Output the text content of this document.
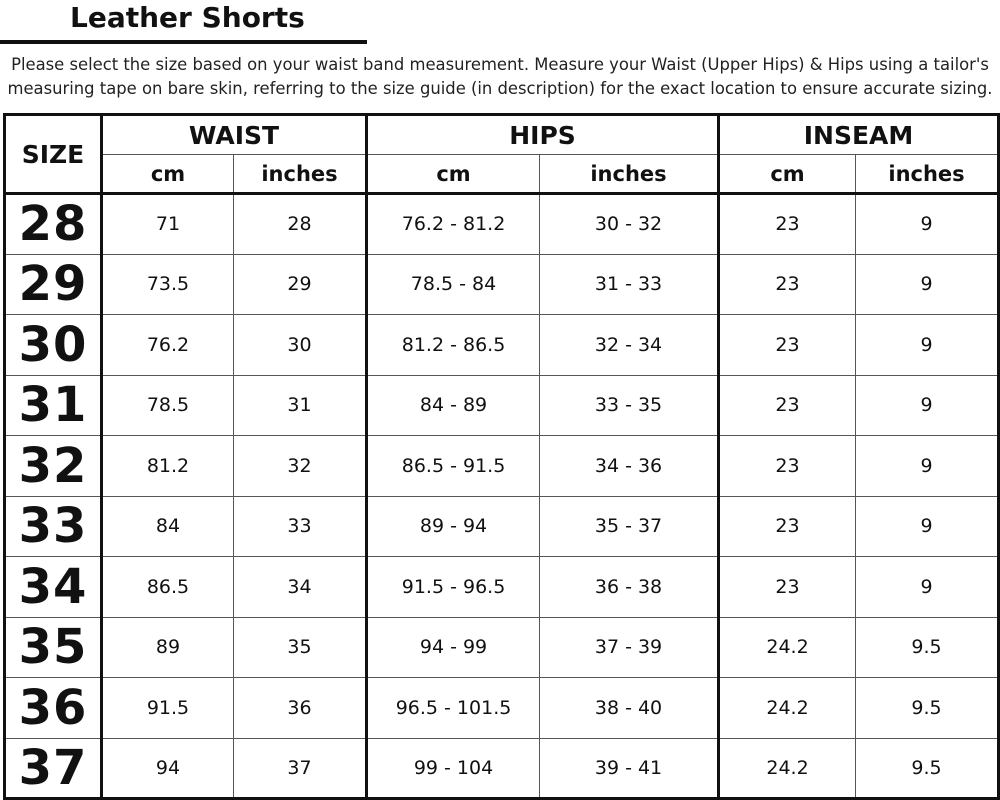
Leather Shorts
Please select the size based on your waist band measurement. Measure your Waist (Upper Hips) & Hips using a tailor's
measuring tape on bare skin, referring to the size guide (in description) for the exact location to ensure accurate sizing.
SIZE	WAIST		HIPS		INSEAM	
	cm	inches	cm	inches	cm	inches
28	71	28	76.2 - 81.2	30 - 32	23	9
29	73.5	29	78.5 - 84	31 - 33	23	9
30	76.2	30	81.2 - 86.5	32 - 34	23	9
31	78.5	31	84 - 89	33 - 35	23	9
32	81.2	32	86.5 - 91.5	34 - 36	23	9
33	84	33	89 - 94	35 - 37	23	9
34	86.5	34	91.5 - 96.5	36 - 38	23	9
35	89	35	94 - 99	37 - 39	24.2	9.5
36	91.5	36	96.5 - 101.5	38 - 40	24.2	9.5
37	94	37	99 - 104	39 - 41	24.2	9.5
